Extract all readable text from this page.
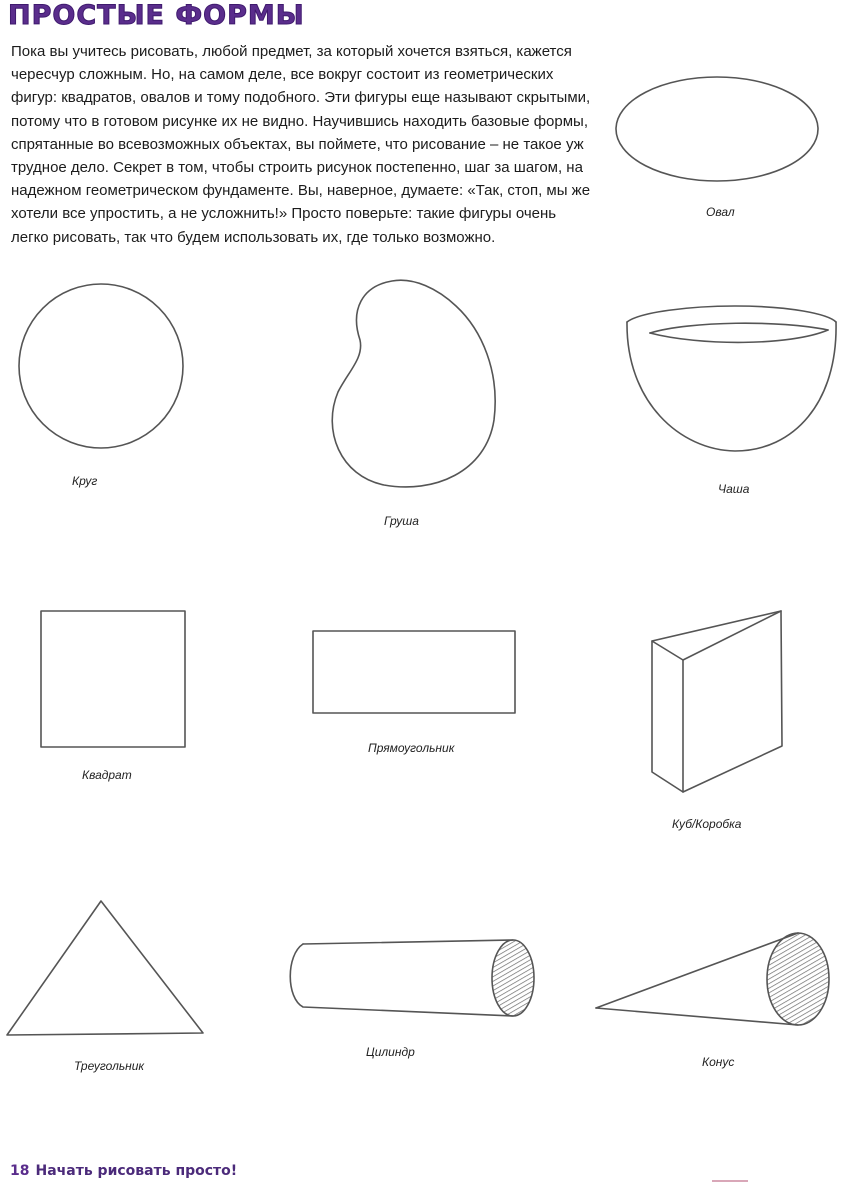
ПРОСТЫЕ ФОРМЫ
Пока вы учитесь рисовать, любой предмет, за который хочется взяться, кажется чересчур сложным. Но, на самом деле, все вокруг состоит из геометрических фигур: квадратов, овалов и тому подобного. Эти фигуры еще называют скрытыми, потому что в готовом рисунке их не видно. Научившись находить базовые формы, спрятанные во всевозможных объектах, вы поймете, что рисование – не такое уж трудное дело. Секрет в том, чтобы строить рисунок постепенно, шаг за шагом, на надежном геометрическом фундаменте. Вы, наверное, думаете: «Так, стоп, мы же хотели все упростить, а не усложнить!» Просто поверьте: такие фигуры очень легко рисовать, так что будем использовать их, где только возможно.
Овал
Круг
Груша
Чаша
Квадрат
Прямоугольник
Куб/Коробка
Треугольник
Цилиндр
Конус
18 Начать рисовать просто!
